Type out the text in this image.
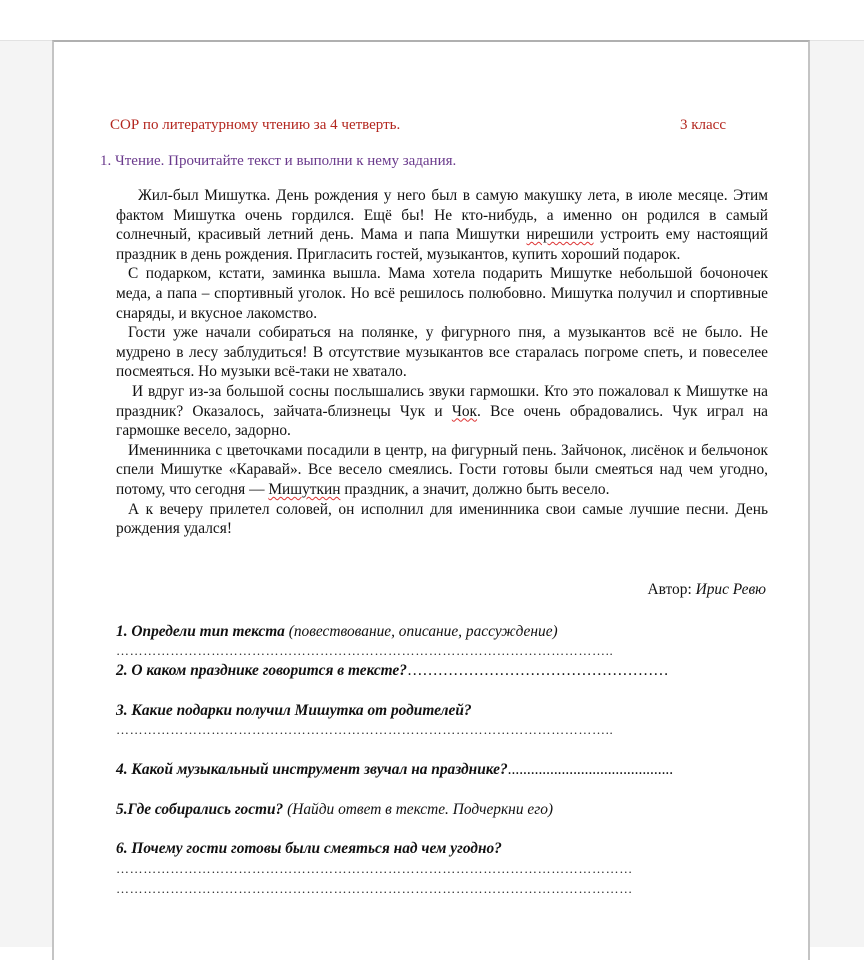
СОР по литературному чтению за 4 четверть.	3 класс
1. Чтение. Прочитайте текст и выполни к нему задания.

Жил-был Мишутка. День рождения у него был в самую макушку лета, в июле месяце. Этим фактом Мишутка очень гордился. Ещё бы! Не кто-нибудь, а именно он родился в самый солнечный, красивый летний день. Мама и папа Мишутки нирешили устроить ему настоящий праздник в день рождения. Пригласить гостей, музыкантов, купить хороший подарок.

С подарком, кстати, заминка вышла. Мама хотела подарить Мишутке небольшой бочоночек меда, а папа – спортивный уголок. Но всё решилось полюбовно. Мишутка получил и спортивные снаряды, и вкусное лакомство.

Гости уже начали собираться на полянке, у фигурного пня, а музыкантов всё не было. Не мудрено в лесу заблудиться! В отсутствие музыкантов все старалась погроме спеть, и повеселее посмеяться. Но музыки всё-таки не хватало.

И вдруг из-за большой сосны послышались звуки гармошки. Кто это пожаловал к Мишутке на праздник? Оказалось, зайчата-близнецы Чук и Чок. Все очень обрадовались. Чук играл на гармошке весело, задорно.

Именинника с цветочками посадили в центр, на фигурный пень. Зайчонок, лисёнок и бельчонок спели Мишутке «Каравай». Все весело смеялись. Гости готовы были смеяться над чем угодно, потому, что сегодня — Мишуткин праздник, а значит, должно быть весело.

А к вечеру прилетел соловей, он исполнил для именинника свои самые лучшие песни. День рождения удался!

Автор: Ирис Ревю
1. Определи тип текста (повествование, описание, рассуждение)
………………………………………………………………………………………………..
2. О каком празднике говорится в тексте?……………………………………………
3. Какие подарки получил Мишутка от родителей?
………………………………………………………………………………………………..
4. Какой музыкальный инструмент звучал на празднике?...........................................
5.Где собирались гости? (Найди ответ в тексте. Подчеркни его)
6. Почему гости готовы были смеяться над чем угодно?
……………………………………………………………………………………………………
……………………………………………………………………………………………………
